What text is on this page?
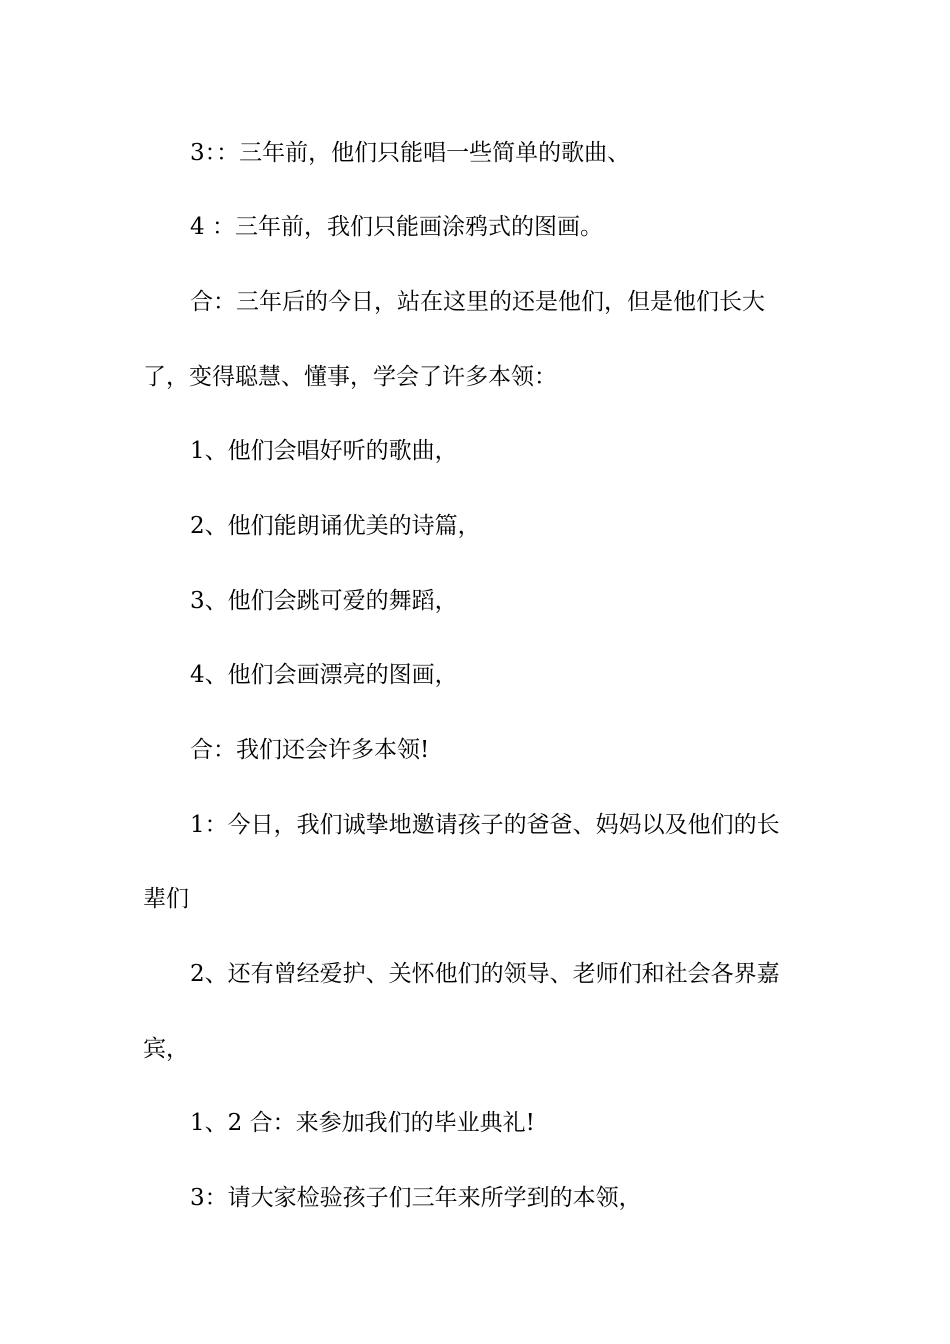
3：：三年前，他们只能唱一些简单的歌曲、

4 ：三年前，我们只能画涂鸦式的图画。

合：三年后的今日，站在这里的还是他们，但是他们长大

了，变得聪慧、懂事，学会了许多本领：

1、他们会唱好听的歌曲，

2、他们能朗诵优美的诗篇，

3、他们会跳可爱的舞蹈，

4、他们会画漂亮的图画，

合：我们还会许多本领!

1：今日，我们诚挚地邀请孩子的爸爸、妈妈以及他们的长

辈们

2、还有曾经爱护、关怀他们的领导、老师们和社会各界嘉

宾，

1、2 合：来参加我们的毕业典礼!

3：请大家检验孩子们三年来所学到的本领，
